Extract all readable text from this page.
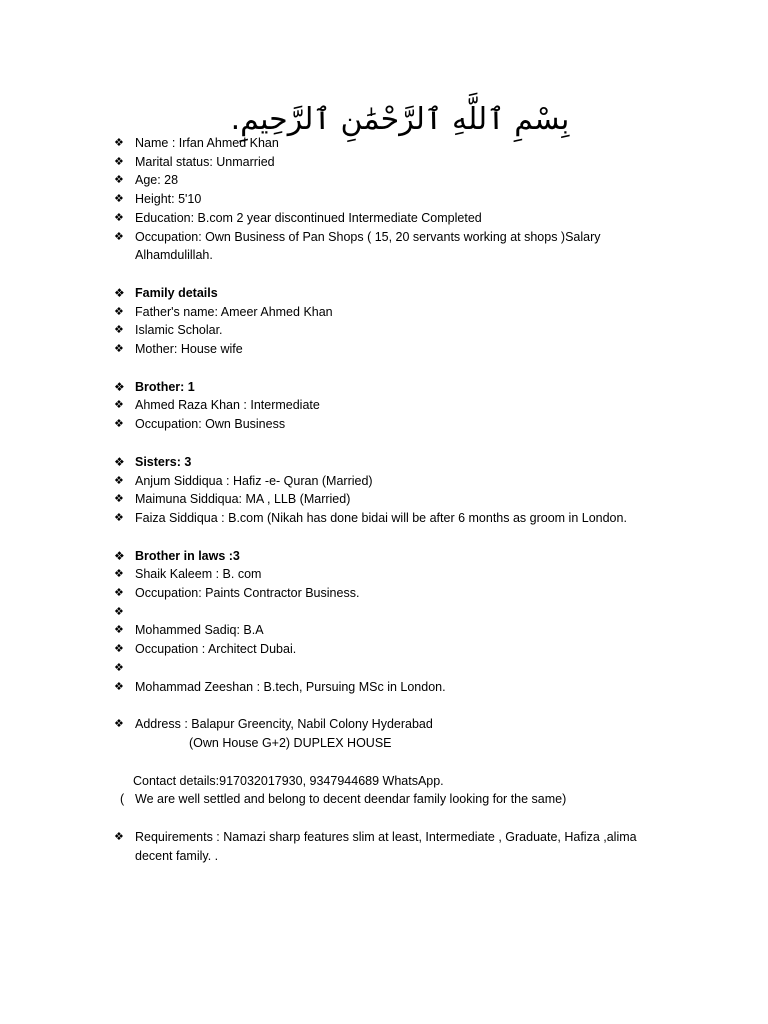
بِسْمِ ٱللَّهِ ٱلرَّحْمَٰنِ ٱلرَّحِيمِ.
❖ Name : Irfan Ahmed Khan
❖ Marital status: Unmarried
❖ Age: 28
❖ Height: 5'10
❖ Education: B.com 2 year discontinued Intermediate Completed
❖ Occupation: Own Business of Pan Shops ( 15, 20 servants working at shops )Salary Alhamdulillah.
❖ Family details
❖ Father's name: Ameer Ahmed Khan
❖ Islamic Scholar.
❖ Mother: House wife
❖ Brother: 1
❖ Ahmed Raza Khan : Intermediate
❖ Occupation: Own Business
❖ Sisters: 3
❖ Anjum Siddiqua : Hafiz -e- Quran (Married)
❖ Maimuna Siddiqua: MA , LLB (Married)
❖ Faiza Siddiqua : B.com (Nikah has done bidai will be after 6 months as groom in London.
❖ Brother in laws :3
❖ Shaik Kaleem : B. com
❖ Occupation: Paints Contractor Business.
❖
❖ Mohammed Sadiq: B.A
❖ Occupation : Architect Dubai.
❖
❖ Mohammad Zeeshan : B.tech, Pursuing MSc in London.
❖ Address : Balapur Greencity, Nabil Colony Hyderabad
(Own House G+2) DUPLEX HOUSE
Contact details:917032017930, 9347944689 WhatsApp.
( We are well settled and belong to decent deendar family looking for the same)
❖ Requirements : Namazi sharp features slim at least, Intermediate , Graduate, Hafiza ,alima decent family. .
